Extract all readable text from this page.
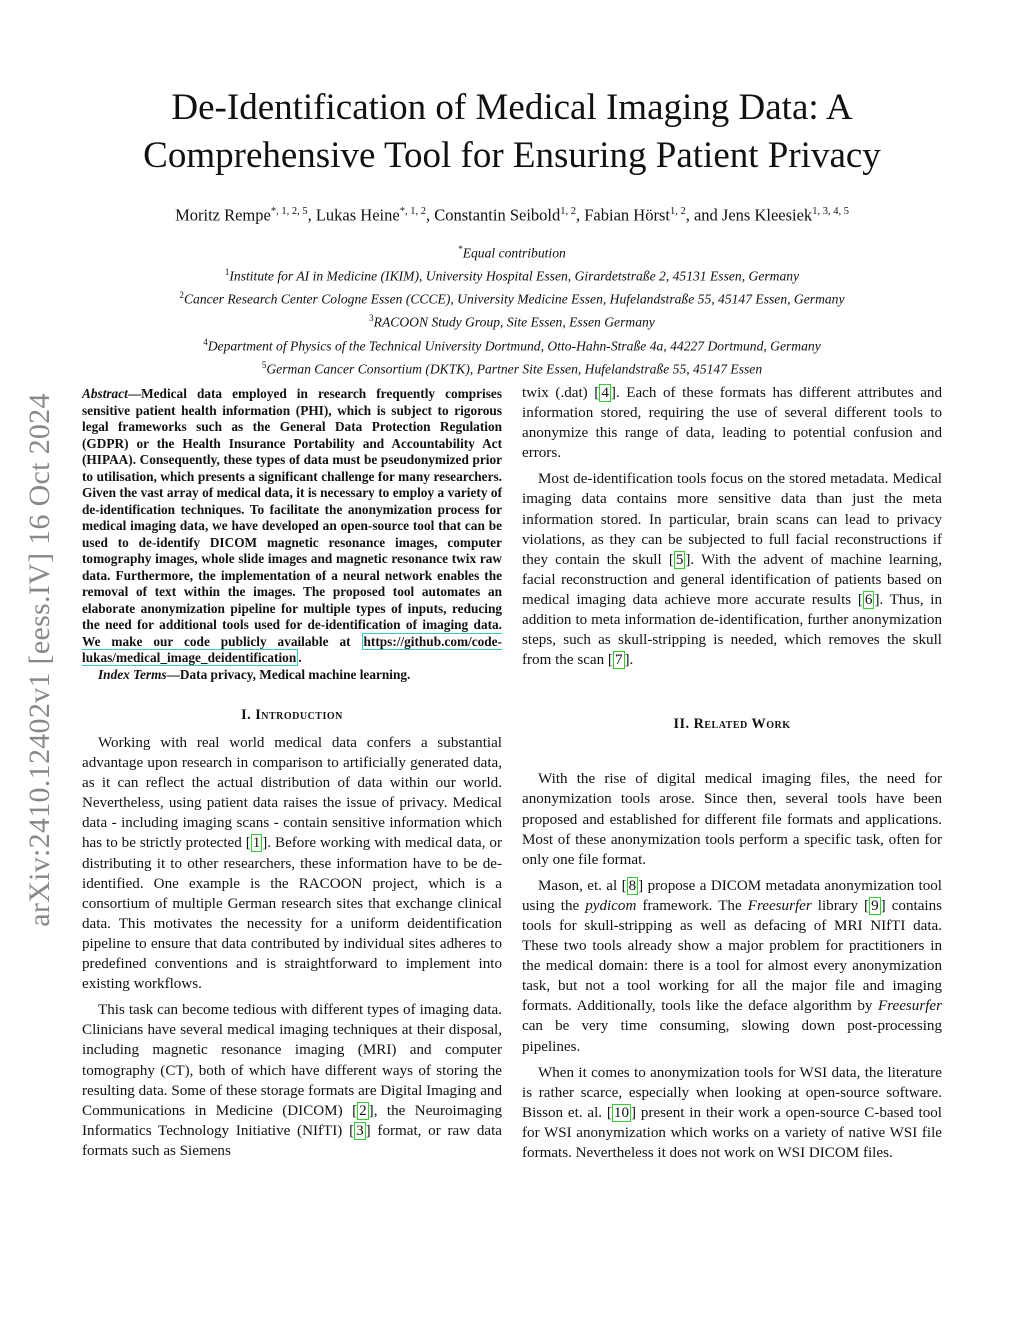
arXiv:2410.12402v1 [eess.IV] 16 Oct 2024
De-Identification of Medical Imaging Data: A
Comprehensive Tool for Ensuring Patient Privacy
Moritz Rempe$^{*, 1, 2, 5}$, Lukas Heine$^{*, 1, 2}$, Constantin Seibold$^{1, 2}$, Fabian Hörst$^{1, 2}$, and Jens Kleesiek$^{1, 3, 4, 5}$
*Equal contribution
$^1$Institute for AI in Medicine (IKIM), University Hospital Essen, Girardetstraße 2, 45131 Essen, Germany
$^2$Cancer Research Center Cologne Essen (CCCE), University Medicine Essen, Hufelandstraße 55, 45147 Essen, Germany
$^3$RACOON Study Group, Site Essen, Essen Germany
$^4$Department of Physics of the Technical University Dortmund, Otto-Hahn-Straße 4a, 44227 Dortmund, Germany
$^5$German Cancer Consortium (DKTK), Partner Site Essen, Hufelandstraße 55, 45147 Essen

Abstract—Medical data employed in research frequently comprises sensitive patient health information (PHI), which is subject to rigorous legal frameworks such as the General Data Protection Regulation (GDPR) or the Health Insurance Portability and Accountability Act (HIPAA). Consequently, these types of data must be pseudonymized prior to utilisation, which presents a significant challenge for many researchers. Given the vast array of medical data, it is necessary to employ a variety of de-identification techniques. To facilitate the anonymization process for medical imaging data, we have developed an open-source tool that can be used to de-identify DICOM magnetic resonance images, computer tomography images, whole slide images and magnetic resonance twix raw data. Furthermore, the implementation of a neural network enables the removal of text within the images. The proposed tool automates an elaborate anonymization pipeline for multiple types of inputs, reducing the need for additional tools used for de-identification of imaging data. We make our code publicly available at https://github.com/code-lukas/medical_image_deidentification .

Index Terms—Data privacy, Medical machine learning.

I. Introduction

Working with real world medical data confers a substantial advantage upon research in comparison to artificially generated data, as it can reflect the actual distribution of data within our world. Nevertheless, using patient data raises the issue of privacy. Medical data - including imaging scans - contain sensitive information which has to be strictly protected [ 1 ]. Before working with medical data, or distributing it to other researchers, these information have to be de-identified. One example is the RACOON project, which is a consortium of multiple German research sites that exchange clinical data. This motivates the necessity for a uniform deidentification pipeline to ensure that data contributed by individual sites adheres to predefined conventions and is straightforward to implement into existing workflows.

This task can become tedious with different types of imaging data. Clinicians have several medical imaging techniques at their disposal, including magnetic resonance imaging (MRI) and computer tomography (CT), both of which have different ways of storing the resulting data. Some of these storage formats are Digital Imaging and Communications in Medicine (DICOM) [ 2 ], the Neuroimaging Informatics Technology Initiative (NIfTI) [ 3 ] format, or raw data formats such as Siemens

twix (.dat) [ 4 ]. Each of these formats has different attributes and information stored, requiring the use of several different tools to anonymize this range of data, leading to potential confusion and errors.

Most de-identification tools focus on the stored metadata. Medical imaging data contains more sensitive data than just the meta information stored. In particular, brain scans can lead to privacy violations, as they can be subjected to full facial reconstructions if they contain the skull [ 5 ]. With the advent of machine learning, facial reconstruction and general identification of patients based on medical imaging data achieve more accurate results [ 6 ]. Thus, in addition to meta information de-identification, further anonymization steps, such as skull-stripping is needed, which removes the skull from the scan [ 7 ].

II. Related Work

With the rise of digital medical imaging files, the need for anonymization tools arose. Since then, several tools have been proposed and established for different file formats and applications. Most of these anonymization tools perform a specific task, often for only one file format.

Mason, et. al [ 8 ] propose a DICOM metadata anonymization tool using the pydicom framework. The Freesurfer library [ 9 ] contains tools for skull-stripping as well as defacing of MRI NIfTI data. These two tools already show a major problem for practitioners in the medical domain: there is a tool for almost every anonymization task, but not a tool working for all the major file and imaging formats. Additionally, tools like the deface algorithm by Freesurfer can be very time consuming, slowing down post-processing pipelines.

When it comes to anonymization tools for WSI data, the literature is rather scarce, especially when looking at open-source software. Bisson et. al. [ 10 ] present in their work a open-source C-based tool for WSI anonymization which works on a variety of native WSI file formats. Nevertheless it does not work on WSI DICOM files.
